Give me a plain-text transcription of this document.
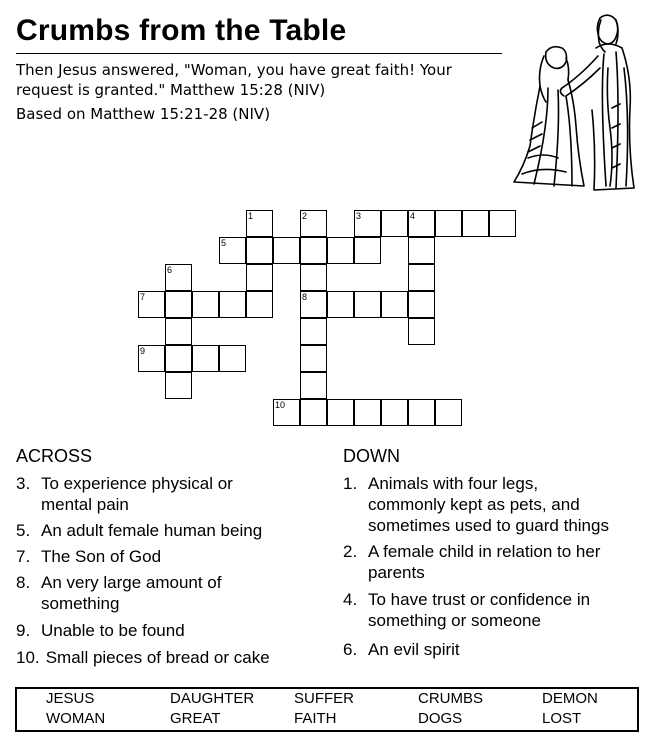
Crumbs from the Table
Then Jesus answered, "Woman, you have great faith! Your request is granted." Matthew 15:28 (NIV)
Based on Matthew 15:21-28 (NIV)
1	2	3	4
5
6
7	8
9
10
ACROSS	DOWN
3. To experience physical or
mental pain
5. An adult female human being
7. The Son of God
8. An very large amount of
something
9. Unable to be found
10. Small pieces of bread or cake
1. Animals with four legs,
commonly kept as pets, and
sometimes used to guard things
2. A female child in relation to her
parents
4. To have trust or confidence in
something or someone
6. An evil spirit
JESUS	DAUGHTER	SUFFER	CRUMBS	DEMON
WOMAN	GREAT	FAITH	DOGS	LOST
